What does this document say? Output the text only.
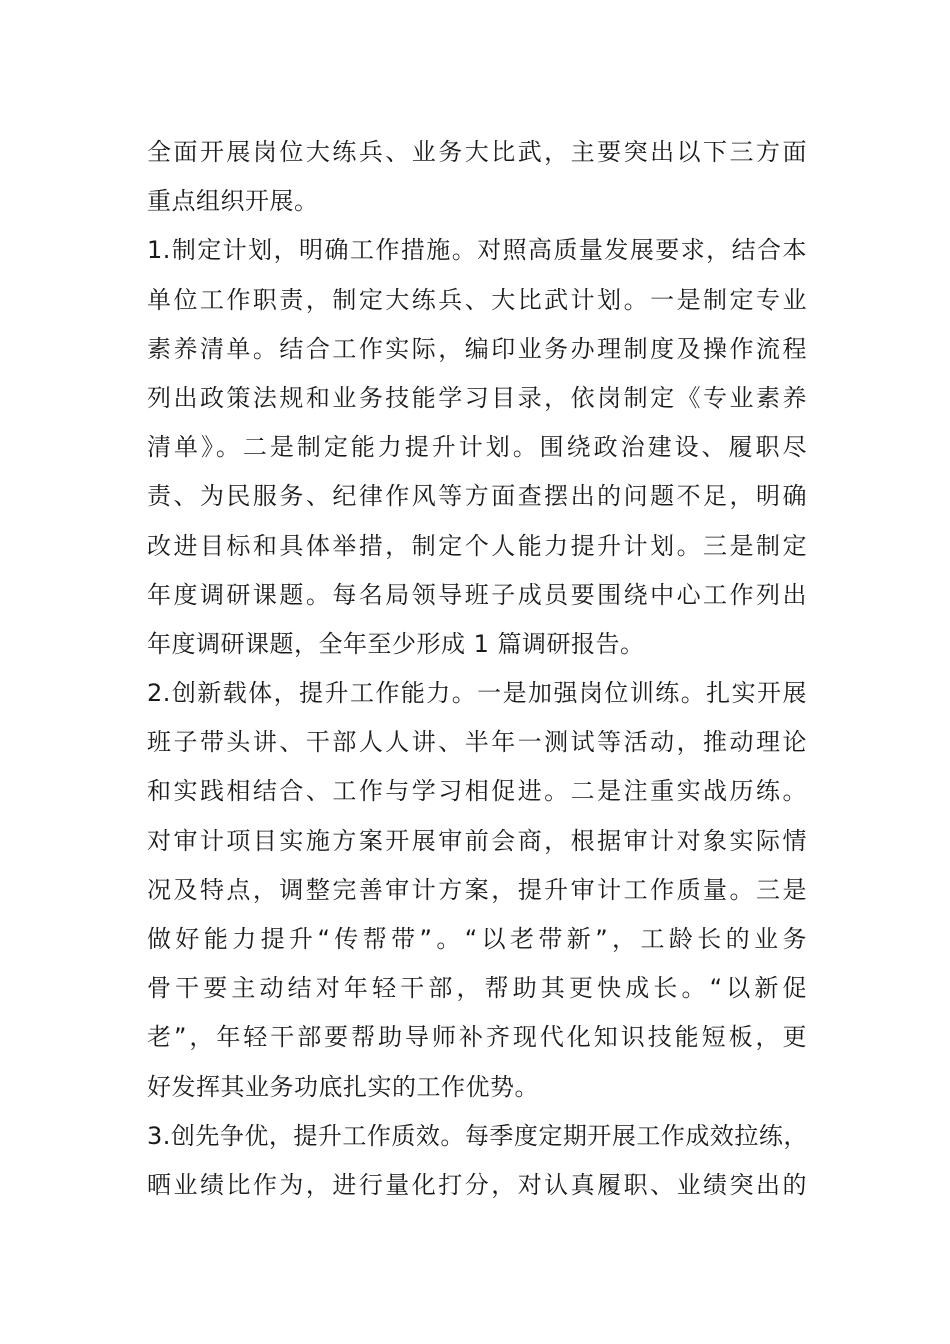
全面开展岗位大练兵、业务大比武，主要突出以下三方面
重点组织开展。
1.制定计划，明确工作措施。对照高质量发展要求，结合本
单位工作职责，制定大练兵、大比武计划。一是制定专业
素养清单。结合工作实际，编印业务办理制度及操作流程
列出政策法规和业务技能学习目录，依岗制定《专业素养
清单》。二是制定能力提升计划。围绕政治建设、履职尽
责、为民服务、纪律作风等方面查摆出的问题不足，明确
改进目标和具体举措，制定个人能力提升计划。三是制定
年度调研课题。每名局领导班子成员要围绕中心工作列出
年度调研课题，全年至少形成 1 篇调研报告。
2.创新载体，提升工作能力。一是加强岗位训练。扎实开展
班子带头讲、干部人人讲、半年一测试等活动，推动理论
和实践相结合、工作与学习相促进。二是注重实战历练。
对审计项目实施方案开展审前会商，根据审计对象实际情
况及特点，调整完善审计方案，提升审计工作质量。三是
做好能力提升“传帮带”。“以老带新”，工龄长的业务
骨干要主动结对年轻干部，帮助其更快成长。“以新促
老”，年轻干部要帮助导师补齐现代化知识技能短板，更
好发挥其业务功底扎实的工作优势。
3.创先争优，提升工作质效。每季度定期开展工作成效拉练，
晒业绩比作为，进行量化打分，对认真履职、业绩突出的
